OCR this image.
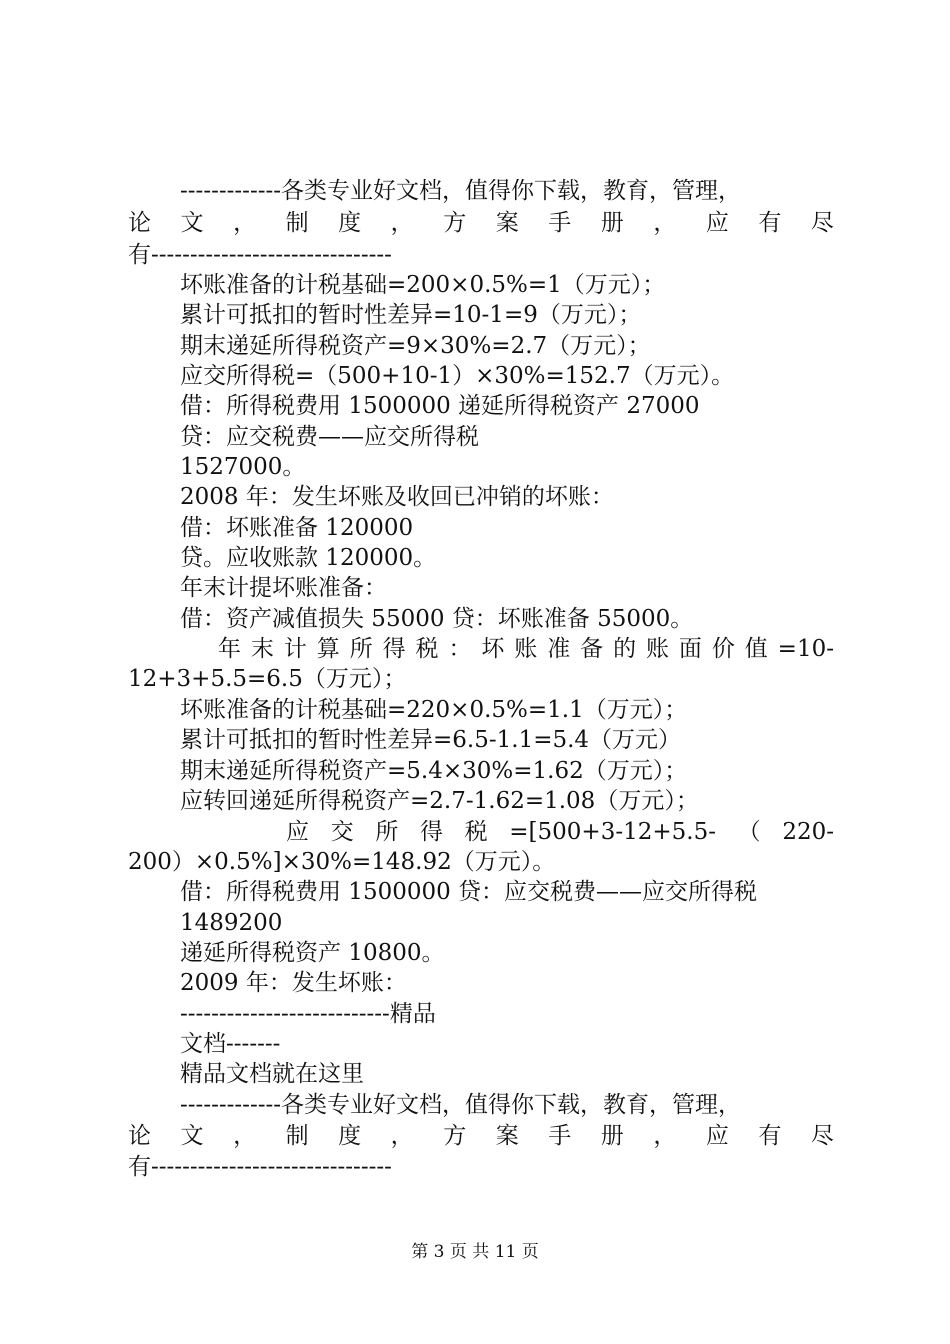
-------------各类专业好文档，值得你下载，教育，管理，
论 文 ， 制 度 ， 方 案 手 册 ， 应 有 尽
有-------------------------------
坏账准备的计税基础=200×0.5%=1（万元）；
累计可抵扣的暂时性差异=10-1=9（万元）；
期末递延所得税资产=9×30%=2.7（万元）；
应交所得税=（500+10-1）×30%=152.7（万元）。
借：所得税费用 1500000 递延所得税资产 27000
贷：应交税费——应交所得税
1527000。
2008 年：发生坏账及收回已冲销的坏账：
借：坏账准备 120000
贷。应收账款 120000。
年末计提坏账准备：
借：资产减值损失 55000 贷：坏账准备 55000。
年 末 计 算 所 得 税 ： 坏 账 准 备 的 账 面 价 值 =10-
12+3+5.5=6.5（万元）；
坏账准备的计税基础=220×0.5%=1.1（万元）；
累计可抵扣的暂时性差异=6.5-1.1=5.4（万元）
期末递延所得税资产=5.4×30%=1.62（万元）；
应转回递延所得税资产=2.7-1.62=1.08（万元）；
应 交 所 得 税 =[500+3-12+5.5- （ 220-
200）×0.5%]×30%=148.92（万元）。
借：所得税费用 1500000 贷：应交税费——应交所得税
1489200
递延所得税资产 10800。
2009 年：发生坏账：
---------------------------精品
文档-------
精品文档就在这里
-------------各类专业好文档，值得你下载，教育，管理，
论 文 ， 制 度 ， 方 案 手 册 ， 应 有 尽
有-------------------------------
第 3 页 共 11 页
